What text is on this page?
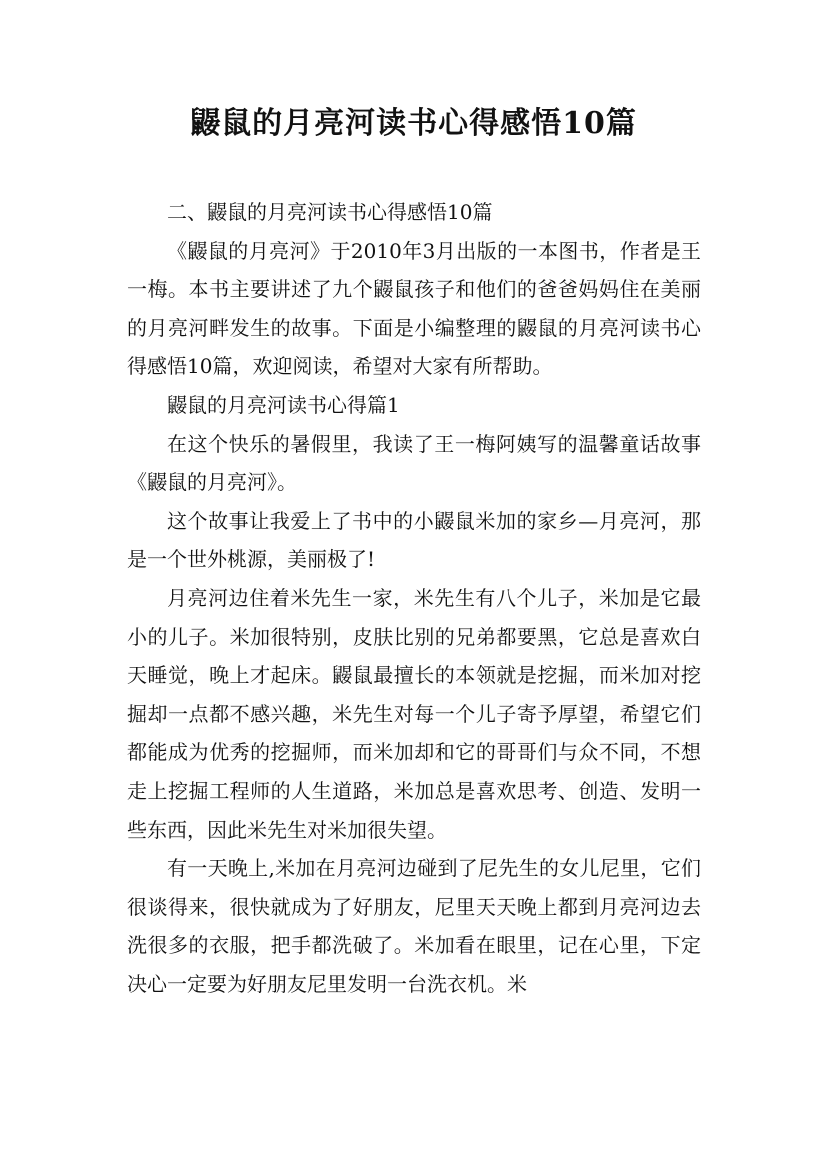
鼹鼠的月亮河读书心得感悟10篇

二、鼹鼠的月亮河读书心得感悟10篇

《鼹鼠的月亮河》于2010年3月出版的一本图书，作者是王一梅。本书主要讲述了九个鼹鼠孩子和他们的爸爸妈妈住在美丽的月亮河畔发生的故事。下面是小编整理的鼹鼠的月亮河读书心得感悟10篇，欢迎阅读，希望对大家有所帮助。

鼹鼠的月亮河读书心得篇1

在这个快乐的暑假里，我读了王一梅阿姨写的温馨童话故事《鼹鼠的月亮河》。

这个故事让我爱上了书中的小鼹鼠米加的家乡—月亮河，那是一个世外桃源，美丽极了!

月亮河边住着米先生一家，米先生有八个儿子，米加是它最小的儿子。米加很特别，皮肤比别的兄弟都要黑，它总是喜欢白天睡觉，晚上才起床。鼹鼠最擅长的本领就是挖掘，而米加对挖掘却一点都不感兴趣，米先生对每一个儿子寄予厚望，希望它们都能成为优秀的挖掘师，而米加却和它的哥哥们与众不同，不想走上挖掘工程师的人生道路，米加总是喜欢思考、创造、发明一些东西，因此米先生对米加很失望。

有一天晚上,米加在月亮河边碰到了尼先生的女儿尼里，它们很谈得来，很快就成为了好朋友，尼里天天晚上都到月亮河边去洗很多的衣服，把手都洗破了。米加看在眼里，记在心里，下定决心一定要为好朋友尼里发明一台洗衣机。米
